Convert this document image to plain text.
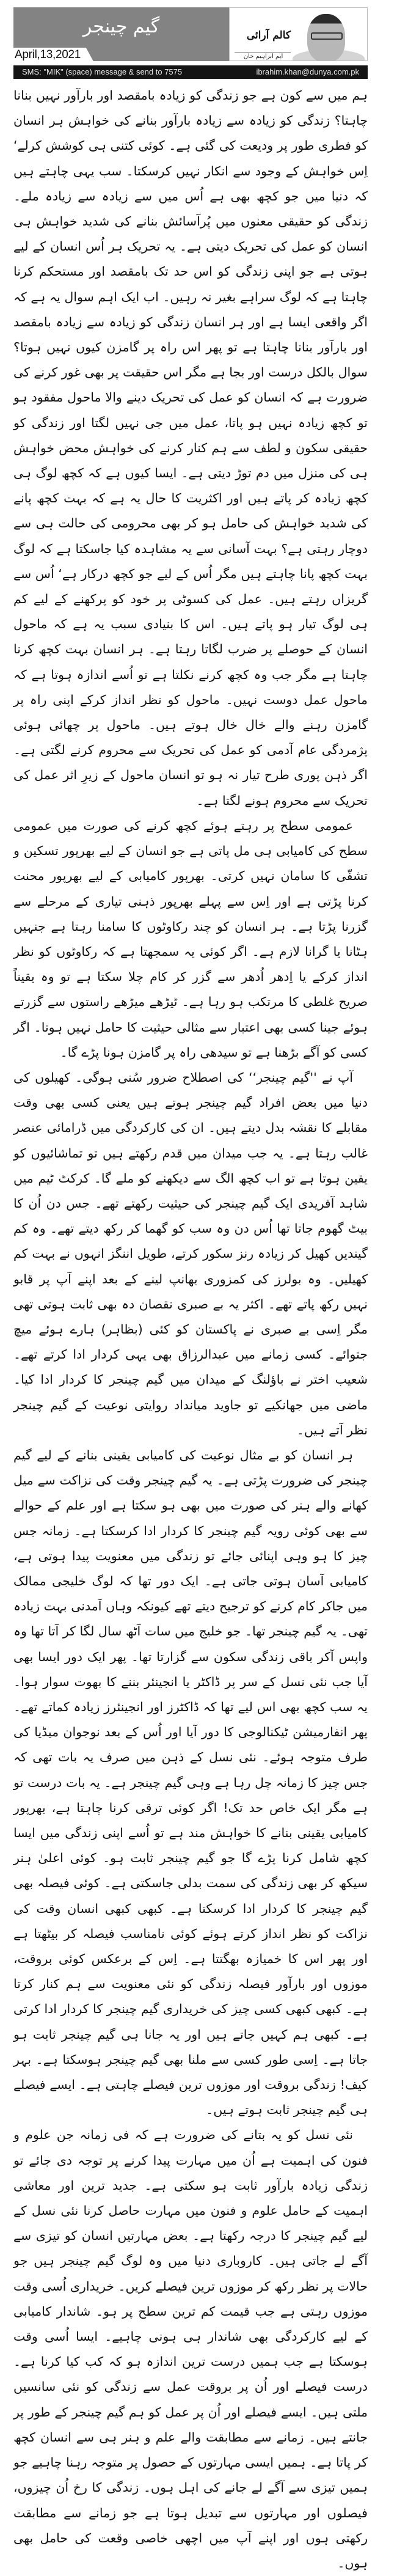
گیم چینجر
April,13,2021
کالم آرائی
ایم ابراہیم خان
SMS: "MIK" (space) message & send to 7575	ibrahim.khan@dunya.com.pk

ہم میں سے کون ہے جو زندگی کو زیادہ بامقصد اور بارآور نہیں بنانا چاہتا؟ زندگی کو زیادہ سے زیادہ بارآور بنانے کی خواہش ہر انسان کو فطری طور پر ودیعت کی گئی ہے۔ کوئی کتنی ہی کوشش کرلے‘ اِس خواہش کے وجود سے انکار نہیں کرسکتا۔ سب یہی چاہتے ہیں کہ دنیا میں جو کچھ بھی ہے اُس میں سے زیادہ سے زیادہ ملے۔ زندگی کو حقیقی معنوں میں پُرآسائش بنانے کی شدید خواہش ہی انسان کو عمل کی تحریک دیتی ہے۔ یہ تحریک ہر اُس انسان کے لیے ہوتی ہے جو اپنی زندگی کو اس حد تک بامقصد اور مستحکم کرنا چاہتا ہے کہ لوگ سراہے بغیر نہ رہیں۔ اب ایک اہم سوال یہ ہے کہ اگر واقعی ایسا ہے اور ہر انسان زندگی کو زیادہ سے زیادہ بامقصد اور بارآور بنانا چاہتا ہے تو پھر اس راہ پر گامزن کیوں نہیں ہوتا؟ سوال بالکل درست اور بجا ہے مگر اس حقیقت پر بھی غور کرنے کی ضرورت ہے کہ انسان کو عمل کی تحریک دینے والا ماحول مفقود ہو تو کچھ زیادہ نہیں ہو پاتا، عمل میں جی نہیں لگتا اور زندگی کو حقیقی سکون و لطف سے ہم کنار کرنے کی خواہش محض خواہش ہی کی منزل میں دم توڑ دیتی ہے۔ ایسا کیوں ہے کہ کچھ لوگ ہی کچھ زیادہ کر پاتے ہیں اور اکثریت کا حال یہ ہے کہ بہت کچھ پانے کی شدید خواہش کی حامل ہو کر بھی محرومی کی حالت ہی سے دوچار رہتی ہے؟ بہت آسانی سے یہ مشاہدہ کیا جاسکتا ہے کہ لوگ بہت کچھ پانا چاہتے ہیں مگر اُس کے لیے جو کچھ درکار ہے‘ اُس سے گریزاں رہتے ہیں۔ عمل کی کسوٹی پر خود کو پرکھنے کے لیے کم ہی لوگ تیار ہو پاتے ہیں۔ اس کا بنیادی سبب یہ ہے کہ ماحول انسان کے حوصلے پر ضرب لگاتا رہتا ہے۔ ہر انسان بہت کچھ کرنا چاہتا ہے مگر جب وہ کچھ کرنے نکلتا ہے تو اُسے اندازہ ہوتا ہے کہ ماحول عمل دوست نہیں۔ ماحول کو نظر انداز کرکے اپنی راہ پر گامزن رہنے والے خال خال ہوتے ہیں۔ ماحول پر چھائی ہوئی پژمردگی عام آدمی کو عمل کی تحریک سے محروم کرنے لگتی ہے۔ اگر ذہن پوری طرح تیار نہ ہو تو انسان ماحول کے زیرِ اثر عمل کی تحریک سے محروم ہونے لگتا ہے۔

عمومی سطح پر رہتے ہوئے کچھ کرنے کی صورت میں عمومی سطح کی کامیابی ہی مل پاتی ہے جو انسان کے لیے بھرپور تسکین و تشفّی کا سامان نہیں کرتی۔ بھرپور کامیابی کے لیے بھرپور محنت کرنا پڑتی ہے اور اِس سے پہلے بھرپور ذہنی تیاری کے مرحلے سے گزرنا پڑتا ہے۔ ہر انسان کو چند رکاوٹوں کا سامنا رہتا ہے جنہیں ہٹانا یا گرانا لازم ہے۔ اگر کوئی یہ سمجھتا ہے کہ رکاوٹوں کو نظر انداز کرکے یا اِدھر اُدھر سے گزر کر کام چلا سکتا ہے تو وہ یقیناً صریح غلطی کا مرتکب ہو رہا ہے۔ ٹیڑھے میڑھے راستوں سے گزرتے ہوئے جینا کسی بھی اعتبار سے مثالی حیثیت کا حامل نہیں ہوتا۔ اگر کسی کو آگے بڑھنا ہے تو سیدھی راہ پر گامزن ہونا پڑے گا۔

آپ نے ''گیم چینجر‘‘ کی اصطلاح ضرور سُنی ہوگی۔ کھیلوں کی دنیا میں بعض افراد گیم چینجر ہوتے ہیں یعنی کسی بھی وقت مقابلے کا نقشہ بدل دیتے ہیں۔ ان کی کارکردگی میں ڈرامائی عنصر غالب رہتا ہے۔ یہ جب میدان میں قدم رکھتے ہیں تو تماشائیوں کو یقین ہوتا ہے تو اب کچھ الگ سے دیکھنے کو ملے گا۔ کرکٹ ٹیم میں شاہد آفریدی ایک گیم چینجر کی حیثیت رکھتے تھے۔ جس دن اُن کا بیٹ گھوم جاتا تھا اُس دن وہ سب کو گھما کر رکھ دیتے تھے۔ وہ کم گیندیں کھیل کر زیادہ رنز سکور کرتے، طویل اننگز انہوں نے بہت کم کھیلیں۔ وہ بولرز کی کمزوری بھانپ لینے کے بعد اپنے آپ پر قابو نہیں رکھ پاتے تھے۔ اکثر یہ بے صبری نقصان دہ بھی ثابت ہوتی تھی مگر اِسی بے صبری نے پاکستان کو کئی (بظاہر) ہارے ہوئے میچ جتوائے۔ کسی زمانے میں عبدالرزاق بھی یہی کردار ادا کرتے تھے۔ شعیب اختر نے باؤلنگ کے میدان میں گیم چینجر کا کردار ادا کیا۔ ماضی میں جھانکیے تو جاوید میانداد روایتی نوعیت کے گیم چینجر نظر آتے ہیں۔

ہر انسان کو بے مثال نوعیت کی کامیابی یقینی بنانے کے لیے گیم چینجر کی ضرورت پڑتی ہے۔ یہ گیم چینجر وقت کی نزاکت سے میل کھانے والے ہنر کی صورت میں بھی ہو سکتا ہے اور علم کے حوالے سے بھی کوئی رویہ گیم چینجر کا کردار ادا کرسکتا ہے۔ زمانہ جس چیز کا ہو وہی اپنائی جائے تو زندگی میں معنویت پیدا ہوتی ہے، کامیابی آسان ہوتی جاتی ہے۔ ایک دور تھا کہ لوگ خلیجی ممالک میں جاکر کام کرنے کو ترجیح دیتے تھے کیونکہ وہاں آمدنی بہت زیادہ تھی۔ یہ گیم چینجر تھا۔ جو خلیج میں سات آٹھ سال لگا کر آتا تھا وہ واپس آکر باقی زندگی سکون سے گزارتا تھا۔ پھر ایک دور ایسا بھی آیا جب نئی نسل کے سر پر ڈاکٹر یا انجینئر بننے کا بھوت سوار ہوا۔ یہ سب کچھ بھی اس لیے تھا کہ ڈاکٹرز اور انجینئرز زیادہ کماتے تھے۔ پھر انفارمیشن ٹیکنالوجی کا دور آیا اور اُس کے بعد نوجوان میڈیا کی طرف متوجہ ہوئے۔ نئی نسل کے ذہن میں صرف یہ بات تھی کہ جس چیز کا زمانہ چل رہا ہے وہی گیم چینجر ہے۔ یہ بات درست تو ہے مگر ایک خاص حد تک! اگر کوئی ترقی کرنا چاہتا ہے، بھرپور کامیابی یقینی بنانے کا خواہش مند ہے تو اُسے اپنی زندگی میں ایسا کچھ شامل کرنا پڑے گا جو گیم چینجر ثابت ہو۔ کوئی اعلیٰ ہنر سیکھ کر بھی زندگی کی سمت بدلی جاسکتی ہے۔ کوئی فیصلہ بھی گیم چینجر کا کردار ادا کرسکتا ہے۔ کبھی کبھی انسان وقت کی نزاکت کو نظر انداز کرتے ہوئے کوئی نامناسب فیصلہ کر بیٹھتا ہے اور پھر اس کا خمیازہ بھگتتا ہے۔ اِس کے برعکس کوئی بروقت، موزوں اور بارآور فیصلہ زندگی کو نئی معنویت سے ہم کنار کرتا ہے۔ کبھی کبھی کسی چیز کی خریداری گیم چینجر کا کردار ادا کرتی ہے۔ کبھی ہم کہیں جاتے ہیں اور یہ جانا ہی گیم چینجر ثابت ہو جاتا ہے۔ اِسی طور کسی سے ملنا بھی گیم چینجر ہوسکتا ہے۔ بہر کیف! زندگی بروقت اور موزوں ترین فیصلے چاہتی ہے۔ ایسے فیصلے ہی گیم چینجر ثابت ہوتے ہیں۔

نئی نسل کو یہ بتانے کی ضرورت ہے کہ فی زمانہ جن علوم و فنون کی اہمیت ہے اُن میں مہارت پیدا کرنے پر توجہ دی جائے تو زندگی زیادہ بارآور ثابت ہو سکتی ہے۔ جدید ترین اور معاشی اہمیت کے حامل علوم و فنون میں مہارت حاصل کرنا نئی نسل کے لیے گیم چینجر کا درجہ رکھتا ہے۔ بعض مہارتیں انسان کو تیزی سے آگے لے جاتی ہیں۔ کاروباری دنیا میں وہ لوگ گیم چینجر ہیں جو حالات پر نظر رکھ کر موزوں ترین فیصلے کریں۔ خریداری اُسی وقت موزوں رہتی ہے جب قیمت کم ترین سطح پر ہو۔ شاندار کامیابی کے لیے کارکردگی بھی شاندار ہی ہونی چاہیے۔ ایسا اُسی وقت ہوسکتا ہے جب ہمیں درست ترین اندازہ ہو کہ کب کیا کرنا ہے۔ درست فیصلے اور اُن پر بروقت عمل سے زندگی کو نئی سانسیں ملتی ہیں۔ ایسے فیصلے اور اُن پر عمل کو ہم گیم چینجر کے طور پر جانتے ہیں۔ زمانے سے مطابقت والے علم و ہنر ہی سے انسان کچھ کر پاتا ہے۔ ہمیں ایسی مہارتوں کے حصول پر متوجہ رہنا چاہیے جو ہمیں تیزی سے آگے لے جانے کی اہل ہوں۔ زندگی کا رخ اُن چیزوں، فیصلوں اور مہارتوں سے تبدیل ہوتا ہے جو زمانے سے مطابقت رکھتی ہوں اور اپنے آپ میں اچھی خاصی وقعت کی حامل بھی ہوں۔
